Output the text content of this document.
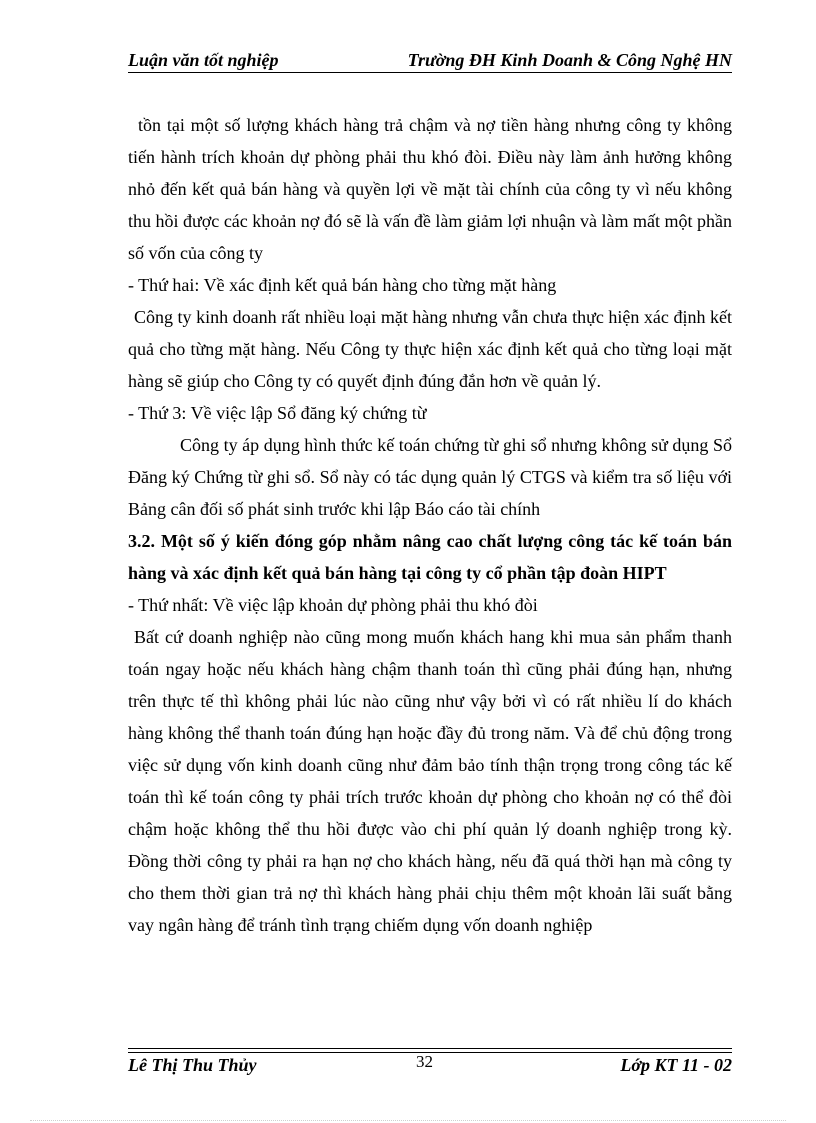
Luận văn tốt nghiệp	Trường ĐH Kinh Doanh & Công Nghệ HN

tồn tại một số lượng khách hàng trả chậm và nợ tiền hàng nhưng công ty không tiến hành trích khoản dự phòng phải thu khó đòi. Điều này làm ảnh hưởng không nhỏ đến kết quả bán hàng và quyền lợi về mặt tài chính của công ty vì nếu không thu hồi được các khoản nợ đó sẽ là vấn đề làm giảm lợi nhuận và làm mất một phần số vốn của công ty

- Thứ hai: Về xác định kết quả bán hàng cho từng mặt hàng

Công ty kinh doanh rất nhiều loại mặt hàng nhưng vẫn chưa thực hiện xác định kết quả cho từng mặt hàng. Nếu Công ty thực hiện xác định kết quả cho từng loại mặt hàng sẽ giúp cho Công ty có quyết định đúng đắn hơn về quản lý.

- Thứ 3: Về việc lập Sổ đăng ký chứng từ

Công ty áp dụng hình thức kế toán chứng từ ghi sổ nhưng không sử dụng Sổ Đăng ký Chứng từ ghi sổ. Sổ này có tác dụng quản lý CTGS và kiểm tra số liệu với Bảng cân đối số phát sinh trước khi lập Báo cáo tài chính

3.2. Một số ý kiến đóng góp nhằm nâng cao chất lượng công tác kế toán bán hàng và xác định kết quả bán hàng tại công ty cổ phần tập đoàn HIPT

- Thứ nhất: Về việc lập khoản dự phòng phải thu khó đòi

Bất cứ doanh nghiệp nào cũng mong muốn khách hang khi mua sản phẩm thanh toán ngay hoặc nếu khách hàng chậm thanh toán thì cũng phải đúng hạn, nhưng trên thực tế thì không phải lúc nào cũng như vậy bởi vì có rất nhiều lí do khách hàng không thể thanh toán đúng hạn hoặc đầy đủ trong năm. Và để chủ động trong việc sử dụng vốn kinh doanh cũng như đảm bảo tính thận trọng trong công tác kế toán thì kế toán công ty phải trích trước khoản dự phòng cho khoản nợ có thể đòi chậm hoặc không thể thu hồi được vào chi phí quản lý doanh nghiệp trong kỳ. Đồng thời công ty phải ra hạn nợ cho khách hàng, nếu đã quá thời hạn mà công ty cho them thời gian trả nợ thì khách hàng phải chịu thêm một khoản lãi suất bằng vay ngân hàng để tránh tình trạng chiếm dụng vốn doanh nghiệp

Lê Thị Thu Thủy	32	Lớp KT 11 - 02
